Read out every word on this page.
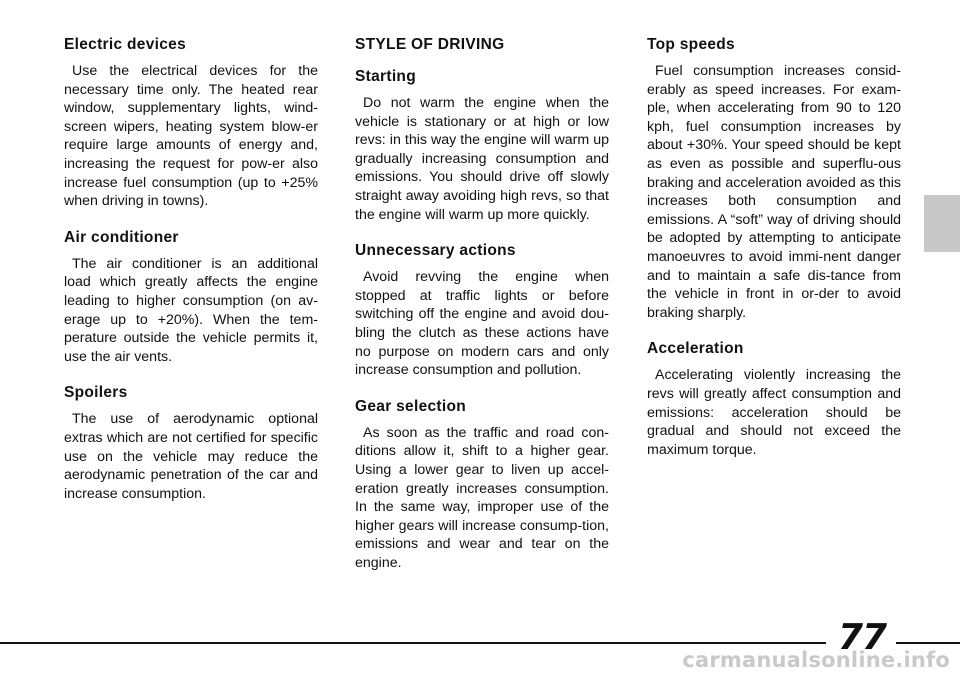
Electric devices

Use the electrical devices for the necessary time only. The heated rear window, supplementary lights, wind-screen wipers, heating system blow-er require large amounts of energy and, increasing the request for pow-er also increase fuel consumption (up to +25% when driving in towns).

Air conditioner

The air conditioner is an additional load which greatly affects the engine leading to higher consumption (on av-erage up to +20%). When the tem-perature outside the vehicle permits it, use the air vents.

Spoilers

The use of aerodynamic optional extras which are not certified for specific use on the vehicle may reduce the aerodynamic penetration of the car and increase consumption.

STYLE OF DRIVING
Starting

Do not warm the engine when the vehicle is stationary or at high or low revs: in this way the engine will warm up gradually increasing consumption and emissions. You should drive off slowly straight away avoiding high revs, so that the engine will warm up more quickly.

Unnecessary actions

Avoid revving the engine when stopped at traffic lights or before switching off the engine and avoid dou-bling the clutch as these actions have no purpose on modern cars and only increase consumption and pollution.

Gear selection

As soon as the traffic and road con-ditions allow it, shift to a higher gear. Using a lower gear to liven up accel-eration greatly increases consumption. In the same way, improper use of the higher gears will increase consump-tion, emissions and wear and tear on the engine.

Top speeds

Fuel consumption increases consid-erably as speed increases. For exam-ple, when accelerating from 90 to 120 kph, fuel consumption increases by about +30%. Your speed should be kept as even as possible and superflu-ous braking and acceleration avoided as this increases both consumption and emissions. A “soft” way of driving should be adopted by attempting to anticipate manoeuvres to avoid immi-nent danger and to maintain a safe dis-tance from the vehicle in front in or-der to avoid braking sharply.

Acceleration

Accelerating violently increasing the revs will greatly affect consumption and emissions: acceleration should be gradual and should not exceed the maximum torque.

77
carmanualsonline.info
